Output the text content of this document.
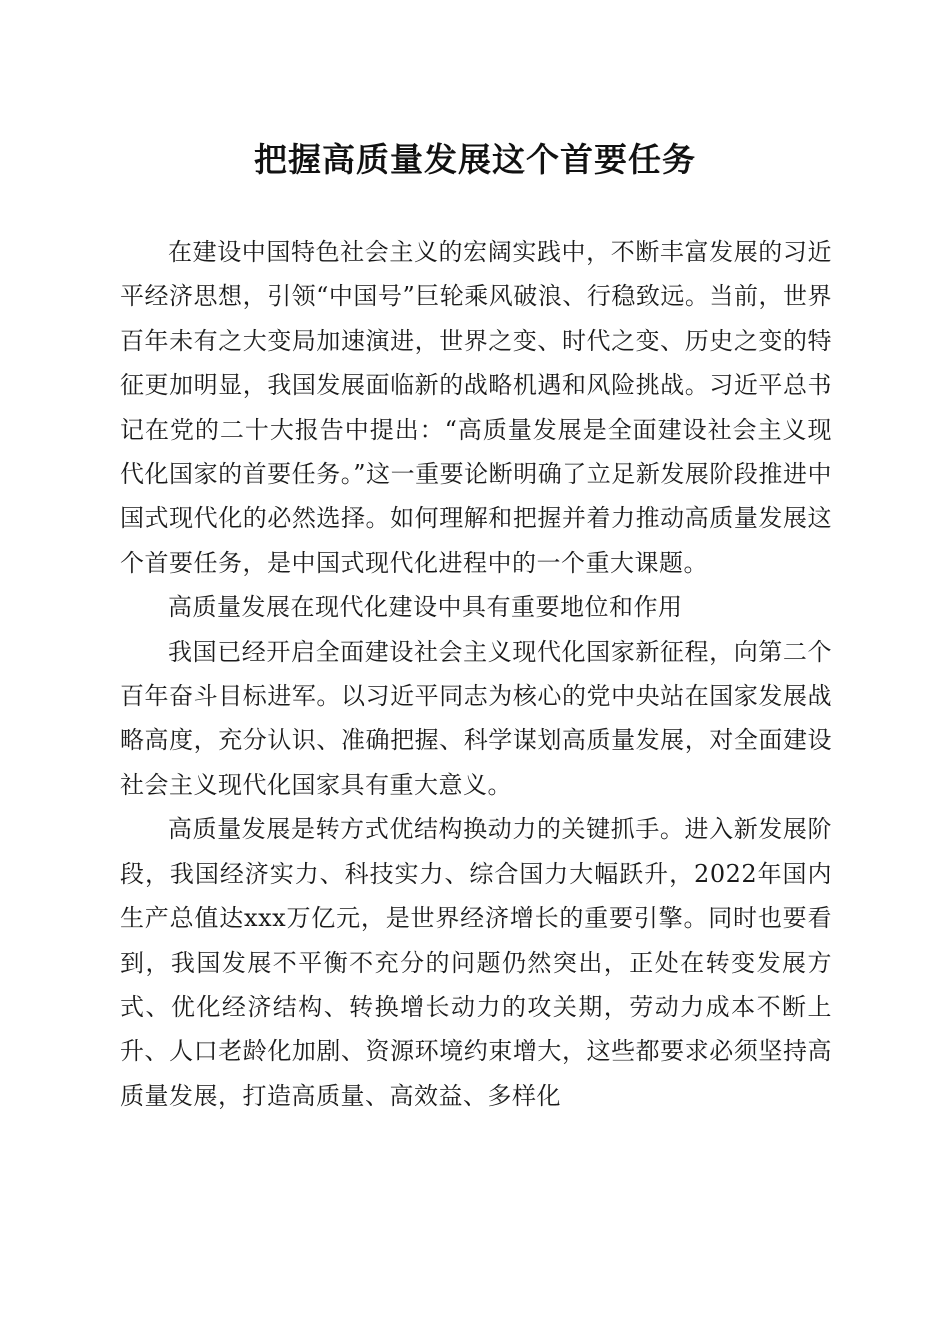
把握高质量发展这个首要任务

在建设中国特色社会主义的宏阔实践中，不断丰富发展的习近平经济思想，引领“中国号”巨轮乘风破浪、行稳致远。当前，世界百年未有之大变局加速演进，世界之变、时代之变、历史之变的特征更加明显，我国发展面临新的战略机遇和风险挑战。习近平总书记在党的二十大报告中提出：“高质量发展是全面建设社会主义现代化国家的首要任务。”这一重要论断明确了立足新发展阶段推进中国式现代化的必然选择。如何理解和把握并着力推动高质量发展这个首要任务，是中国式现代化进程中的一个重大课题。

高质量发展在现代化建设中具有重要地位和作用

我国已经开启全面建设社会主义现代化国家新征程，向第二个百年奋斗目标进军。以习近平同志为核心的党中央站在国家发展战略高度，充分认识、准确把握、科学谋划高质量发展，对全面建设社会主义现代化国家具有重大意义。

高质量发展是转方式优结构换动力的关键抓手。进入新发展阶段，我国经济实力、科技实力、综合国力大幅跃升，2022年国内生产总值达xxx万亿元，是世界经济增长的重要引擎。同时也要看到，我国发展不平衡不充分的问题仍然突出，正处在转变发展方式、优化经济结构、转换增长动力的攻关期，劳动力成本不断上升、人口老龄化加剧、资源环境约束增大，这些都要求必须坚持高质量发展，打造高质量、高效益、多样化
